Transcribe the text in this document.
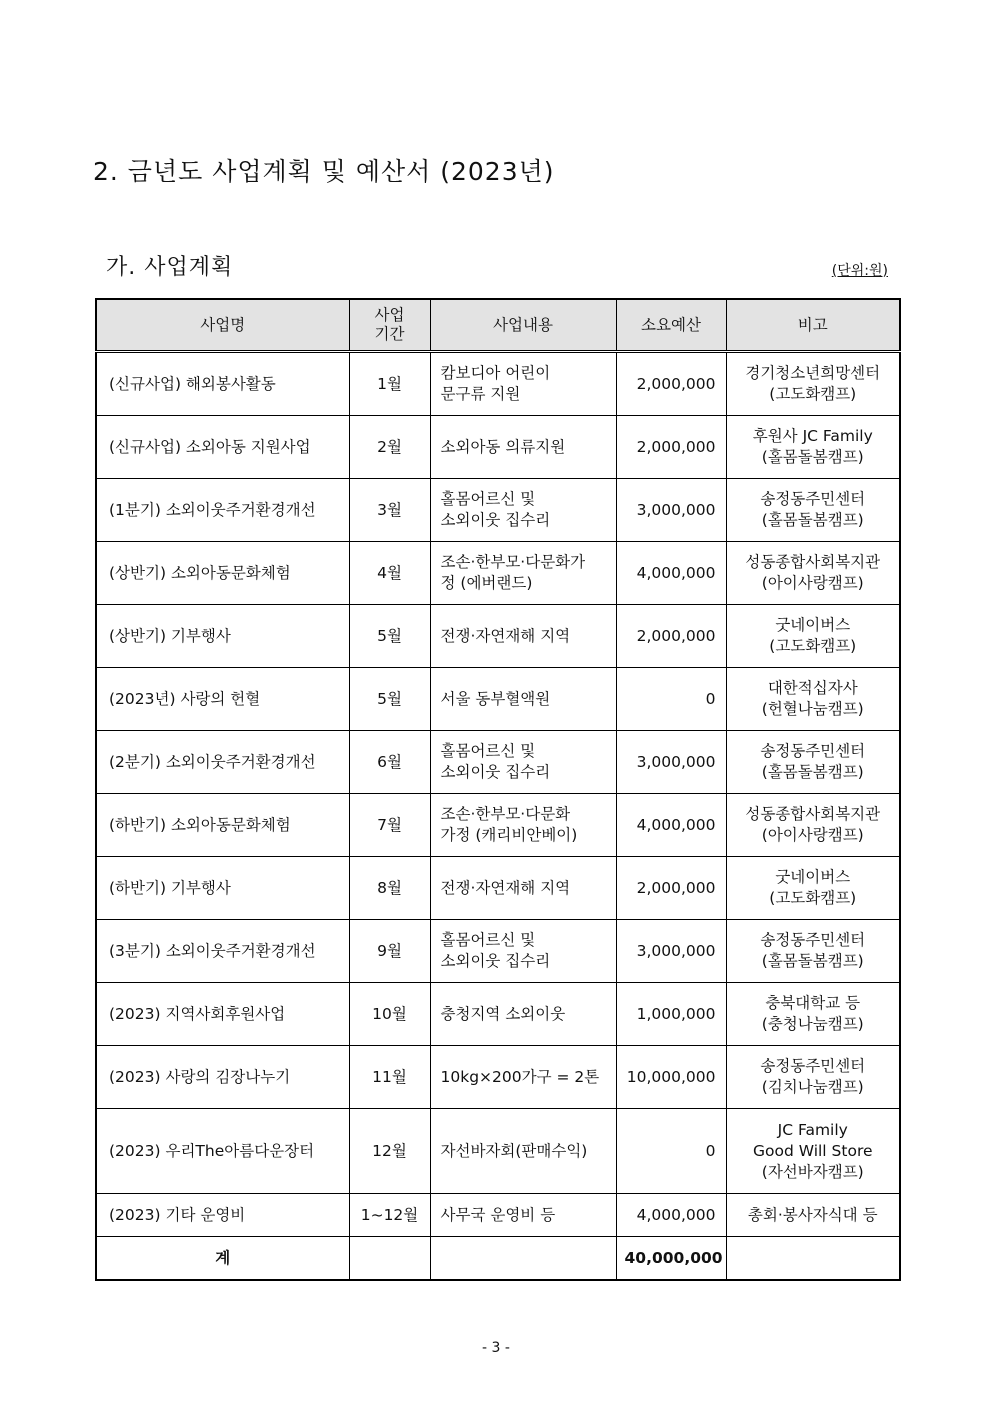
2. 금년도 사업계획 및 예산서 (2023년)
가. 사업계획	(단위:원)
사업명	사업
기간	사업내용	소요예산	비고
(신규사업) 해외봉사활동	1월	캄보디아 어린이
문구류 지원	2,000,000	경기청소년희망센터
(고도화캠프)

(신규사업) 소외아동 지원사업	2월	소외아동 의류지원	2,000,000	후원사 JC Family
(홀몸돌봄캠프)

(1분기) 소외이웃주거환경개선	3월	홀몸어르신 및
소외이웃 집수리	3,000,000	송정동주민센터
(홀몸돌봄캠프)

(상반기) 소외아동문화체험	4월	조손·한부모·다문화가
정 (에버랜드)	4,000,000	성동종합사회복지관
(아이사랑캠프)

(상반기) 기부행사	5월	전쟁·자연재해 지역	2,000,000	굿네이버스
(고도화캠프)

(2023년) 사랑의 헌혈	5월	서울 동부혈액원	0	대한적십자사
(헌혈나눔캠프)

(2분기) 소외이웃주거환경개선	6월	홀몸어르신 및
소외이웃 집수리	3,000,000	송정동주민센터
(홀몸돌봄캠프)

(하반기) 소외아동문화체험	7월	조손·한부모·다문화
가정 (캐리비안베이)	4,000,000	성동종합사회복지관
(아이사랑캠프)

(하반기) 기부행사	8월	전쟁·자연재해 지역	2,000,000	굿네이버스
(고도화캠프)

(3분기) 소외이웃주거환경개선	9월	홀몸어르신 및
소외이웃 집수리	3,000,000	송정동주민센터
(홀몸돌봄캠프)

(2023) 지역사회후원사업	10월	충청지역 소외이웃	1,000,000	충북대학교 등
(충청나눔캠프)

(2023) 사랑의 김장나누기	11월	10kg×200가구 = 2톤	10,000,000	송정동주민센터
(김치나눔캠프)

(2023) 우리The아름다운장터	12월	자선바자회(판매수익)	0	JC Family
Good Will Store
(자선바자캠프)

(2023) 기타 운영비	1~12월	사무국 운영비 등	4,000,000	총회·봉사자식대 등

계			40,000,000	
- 3 -
